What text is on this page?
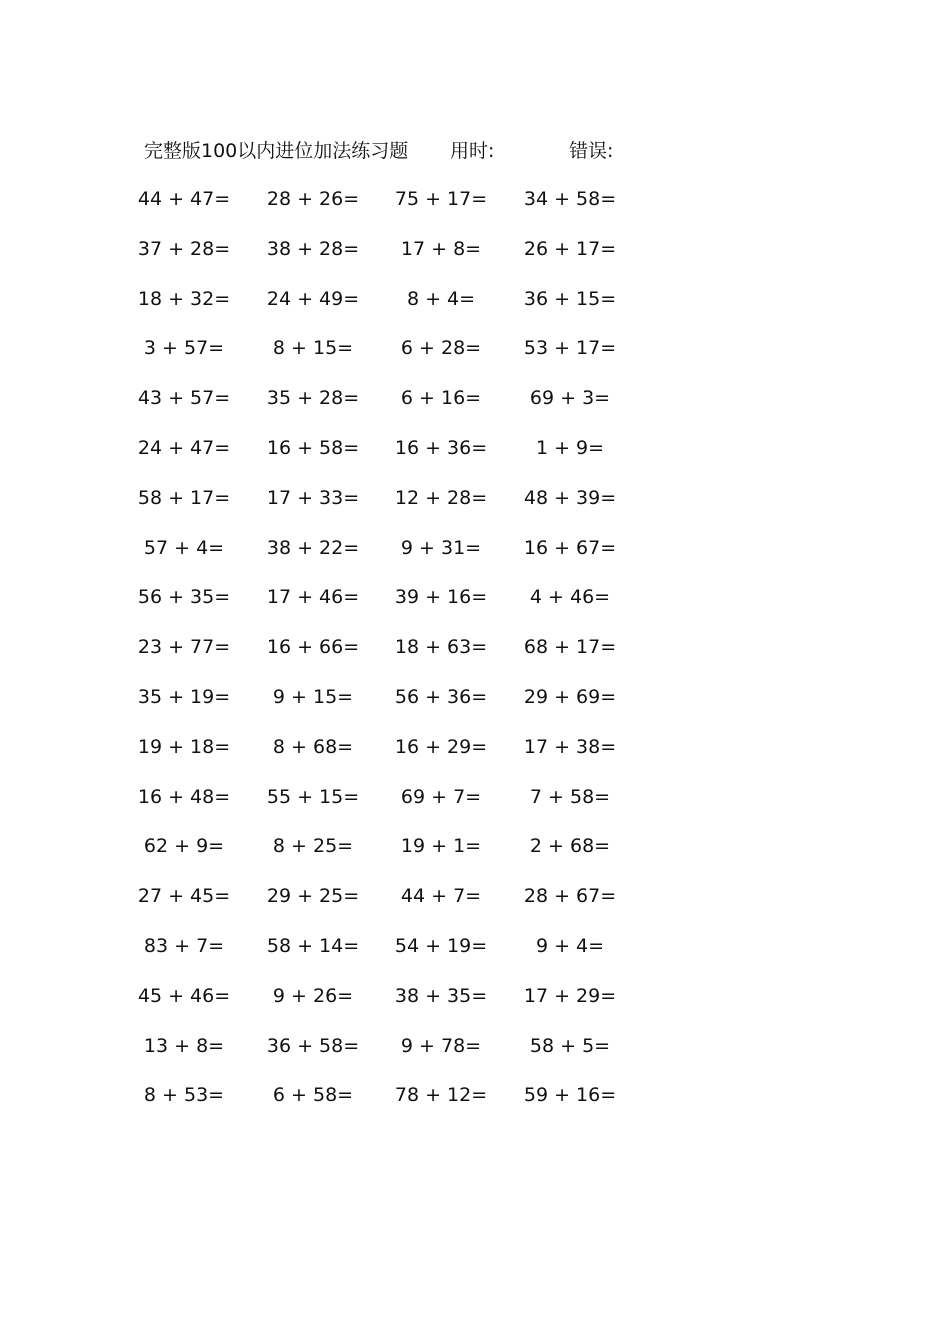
完整版100以内进位加法练习题 用时:	错误:
44 + 47=	28 + 26=	75 + 17=	34 + 58=
37 + 28=	38 + 28=	17 + 8=	26 + 17=
18 + 32=	24 + 49=	8 + 4=	36 + 15=
3 + 57=	8 + 15=	6 + 28=	53 + 17=
43 + 57=	35 + 28=	6 + 16=	69 + 3=
24 + 47=	16 + 58=	16 + 36=	1 + 9=
58 + 17=	17 + 33=	12 + 28=	48 + 39=
57 + 4=	38 + 22=	9 + 31=	16 + 67=
56 + 35=	17 + 46=	39 + 16=	4 + 46=
23 + 77=	16 + 66=	18 + 63=	68 + 17=
35 + 19=	9 + 15=	56 + 36=	29 + 69=
19 + 18=	8 + 68=	16 + 29=	17 + 38=
16 + 48=	55 + 15=	69 + 7=	7 + 58=
62 + 9=	8 + 25=	19 + 1=	2 + 68=
27 + 45=	29 + 25=	44 + 7=	28 + 67=
83 + 7=	58 + 14=	54 + 19=	9 + 4=
45 + 46=	9 + 26=	38 + 35=	17 + 29=
13 + 8=	36 + 58=	9 + 78=	58 + 5=
8 + 53=	6 + 58=	78 + 12=	59 + 16=
